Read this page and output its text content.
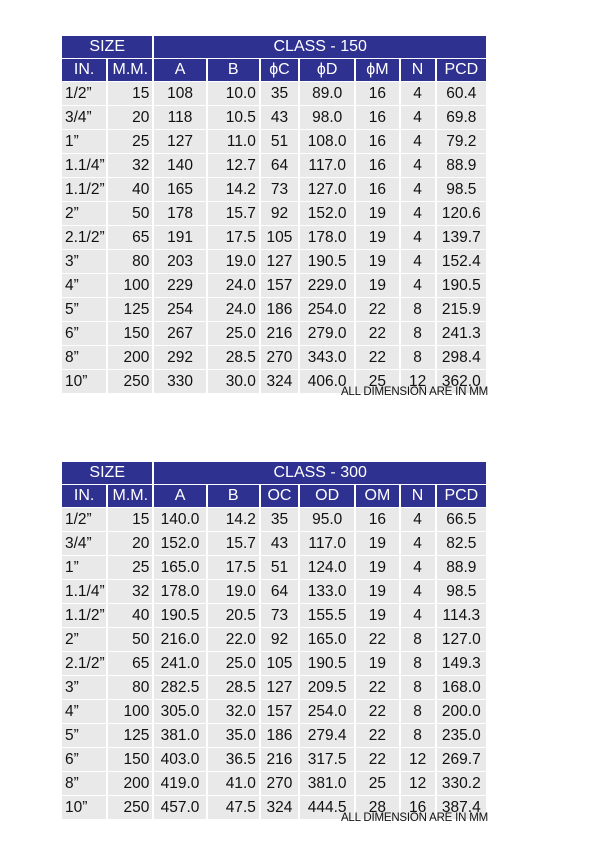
SIZE		CLASS - 150						
IN.	M.M.	A	B	ϕC	ϕD	ϕM	N	PCD
1/2”	15	108	10.0	35	89.0	16	4	60.4
3/4”	20	118	10.5	43	98.0	16	4	69.8
1”	25	127	11.0	51	108.0	16	4	79.2
1.1/4”	32	140	12.7	64	117.0	16	4	88.9
1.1/2”	40	165	14.2	73	127.0	16	4	98.5
2”	50	178	15.7	92	152.0	19	4	120.6
2.1/2”	65	191	17.5	105	178.0	19	4	139.7
3”	80	203	19.0	127	190.5	19	4	152.4
4”	100	229	24.0	157	229.0	19	4	190.5
5”	125	254	24.0	186	254.0	22	8	215.9
6”	150	267	25.0	216	279.0	22	8	241.3
8”	200	292	28.5	270	343.0	22	8	298.4
10”	250	330	30.0	324	406.0	25	12	362.0
ALL DIMENSION ARE IN MM
SIZE		CLASS - 300						
IN.	M.M.	A	B	OC	OD	OM	N	PCD
1/2”	15	140.0	14.2	35	95.0	16	4	66.5
3/4”	20	152.0	15.7	43	117.0	19	4	82.5
1”	25	165.0	17.5	51	124.0	19	4	88.9
1.1/4”	32	178.0	19.0	64	133.0	19	4	98.5
1.1/2”	40	190.5	20.5	73	155.5	19	4	114.3
2”	50	216.0	22.0	92	165.0	22	8	127.0
2.1/2”	65	241.0	25.0	105	190.5	19	8	149.3
3”	80	282.5	28.5	127	209.5	22	8	168.0
4”	100	305.0	32.0	157	254.0	22	8	200.0
5”	125	381.0	35.0	186	279.4	22	8	235.0
6”	150	403.0	36.5	216	317.5	22	12	269.7
8”	200	419.0	41.0	270	381.0	25	12	330.2
10”	250	457.0	47.5	324	444.5	28	16	387.4
ALL DIMENSION ARE IN MM
